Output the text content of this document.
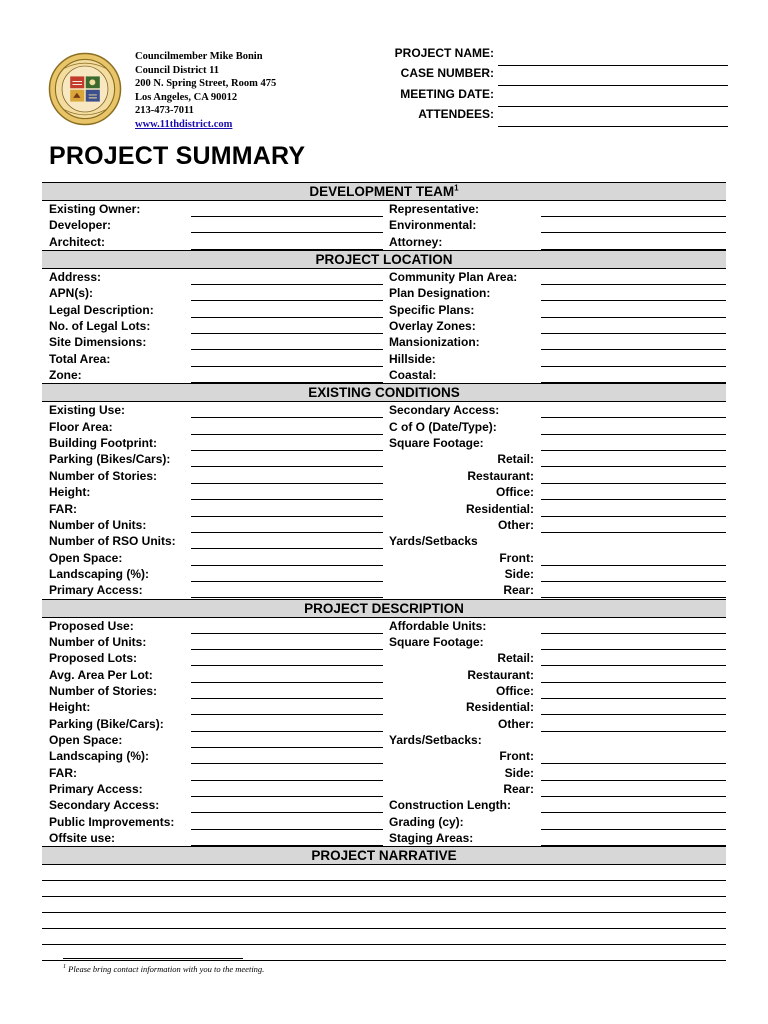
Councilmember Mike Bonin
Council District 11
200 N. Spring Street, Room 475
Los Angeles, CA 90012
213-473-7011
www.11thdistrict.com
PROJECT NAME:
CASE NUMBER:
MEETING DATE:
ATTENDEES:
PROJECT SUMMARY
DEVELOPMENT TEAM$^1$
Existing Owner:	Representative:
Developer:	Environmental:
Architect:	Attorney:
PROJECT LOCATION
Address:	Community Plan Area:
APN(s):	Plan Designation:
Legal Description:	Specific Plans:
No. of Legal Lots:	Overlay Zones:
Site Dimensions:	Mansionization:
Total Area:	Hillside:
Zone:	Coastal:
EXISTING CONDITIONS
Existing Use:	Secondary Access:
Floor Area:	C of O (Date/Type):
Building Footprint:	Square Footage:
Parking (Bikes/Cars):	Retail:
Number of Stories:	Restaurant:
Height:	Office:
FAR:	Residential:
Number of Units:	Other:
Number of RSO Units:	Yards/Setbacks
Open Space:	Front:
Landscaping (%):	Side:
Primary Access:	Rear:
PROJECT DESCRIPTION
Proposed Use:	Affordable Units:
Number of Units:	Square Footage:
Proposed Lots:	Retail:
Avg. Area Per Lot:	Restaurant:
Number of Stories:	Office:
Height:	Residential:
Parking (Bike/Cars):	Other:
Open Space:	Yards/Setbacks:
Landscaping (%):	Front:
FAR:	Side:
Primary Access:	Rear:
Secondary Access:	Construction Length:
Public Improvements:	Grading (cy):
Offsite use:	Staging Areas:
PROJECT NARRATIVE
$^1$ Please bring contact information with you to the meeting.
